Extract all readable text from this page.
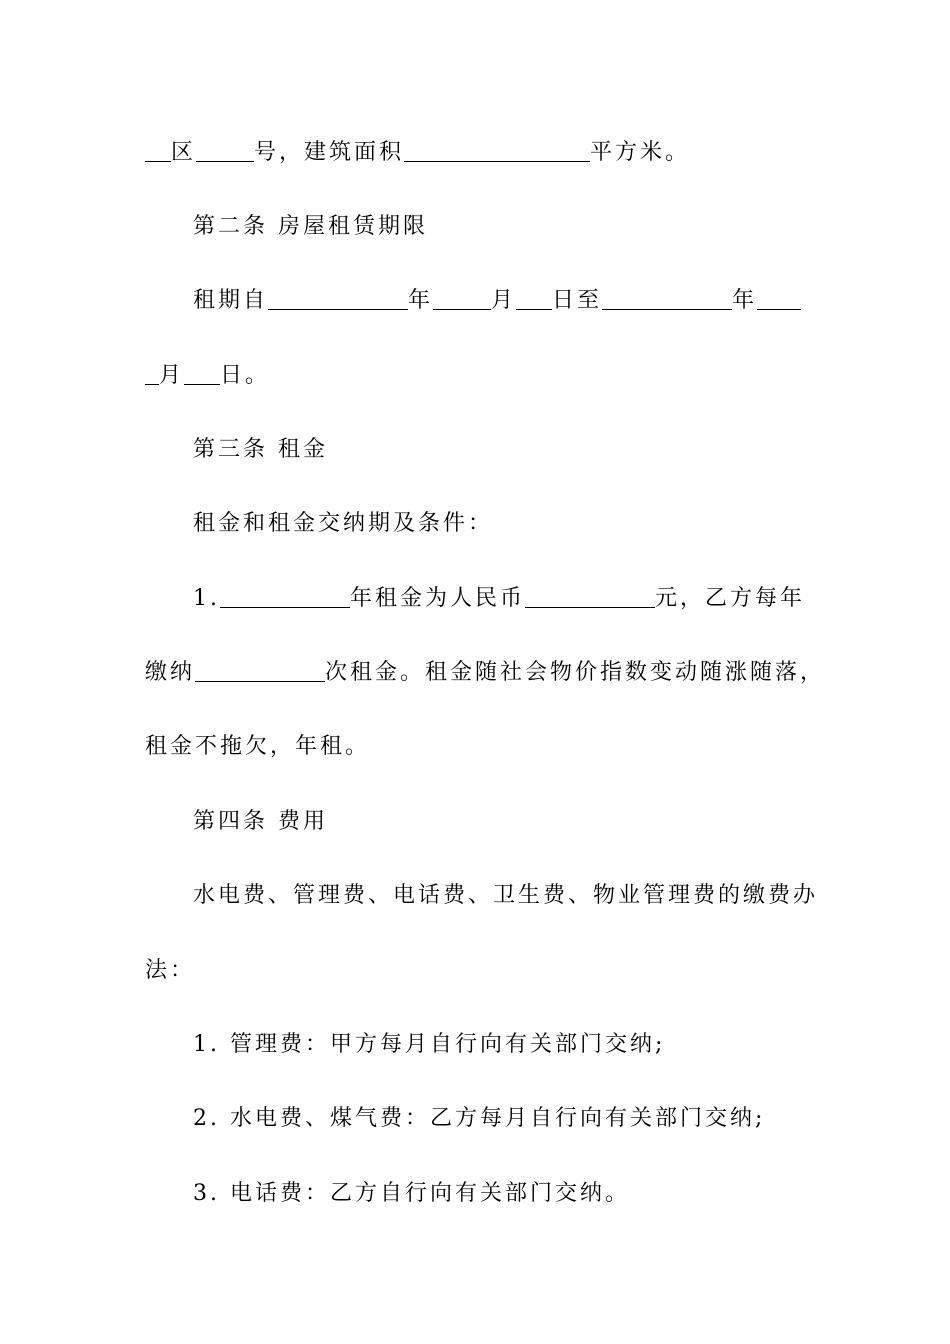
区	号，建筑面积	平方米。
第二条 房屋租赁期限
租期自	年	月 日至	年
月 日。
第三条 租金
租金和租金交纳期及条件：
1.	年租金为人民币	元，乙方每年
缴纳	次租金。租金随社会物价指数变动随涨随落，
租金不拖欠，年租。
第四条 费用
水电费、管理费、电话费、卫生费、物业管理费的缴费办
法：
1. 管理费：甲方每月自行向有关部门交纳;
2. 水电费、煤气费：乙方每月自行向有关部门交纳;
3. 电话费：乙方自行向有关部门交纳。
